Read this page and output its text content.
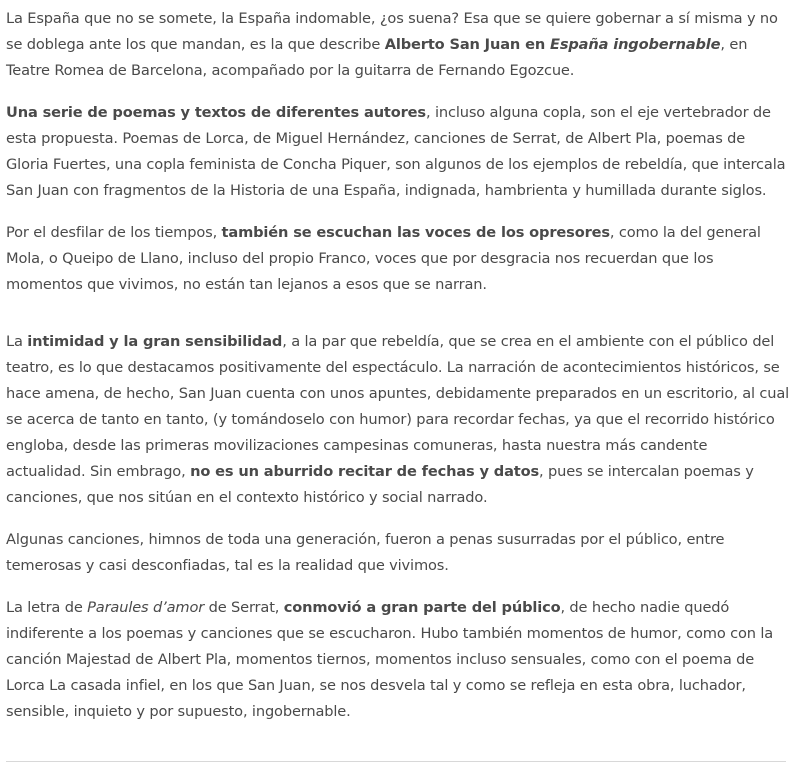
La España que no se somete, la España indomable, ¿os suena? Esa que se quiere gobernar a sí misma y no se doblega ante los que mandan, es la que describe Alberto San Juan en España ingobernable, en Teatre Romea de Barcelona, acompañado por la guitarra de Fernando Egozcue.

Una serie de poemas y textos de diferentes autores, incluso alguna copla, son el eje vertebrador de esta propuesta. Poemas de Lorca, de Miguel Hernández, canciones de Serrat, de Albert Pla, poemas de Gloria Fuertes, una copla feminista de Concha Piquer, son algunos de los ejemplos de rebeldía, que intercala San Juan con fragmentos de la Historia de una España, indignada, hambrienta y humillada durante siglos.

Por el desfilar de los tiempos, también se escuchan las voces de los opresores, como la del general Mola, o Queipo de Llano, incluso del propio Franco, voces que por desgracia nos recuerdan que los momentos que vivimos, no están tan lejanos a esos que se narran.

La intimidad y la gran sensibilidad, a la par que rebeldía, que se crea en el ambiente con el público del teatro, es lo que destacamos positivamente del espectáculo. La narración de acontecimientos históricos, se hace amena, de hecho, San Juan cuenta con unos apuntes, debidamente preparados en un escritorio, al cual se acerca de tanto en tanto, (y tomándoselo con humor) para recordar fechas, ya que el recorrido histórico engloba, desde las primeras movilizaciones campesinas comuneras, hasta nuestra más candente actualidad. Sin embrago, no es un aburrido recitar de fechas y datos, pues se intercalan poemas y canciones, que nos sitúan en el contexto histórico y social narrado.

Algunas canciones, himnos de toda una generación, fueron a penas susurradas por el público, entre temerosas y casi desconfiadas, tal es la realidad que vivimos.

La letra de Paraules d’amor de Serrat, conmovió a gran parte del público, de hecho nadie quedó indiferente a los poemas y canciones que se escucharon. Hubo también momentos de humor, como con la canción Majestad de Albert Pla, momentos tiernos, momentos incluso sensuales, como con el poema de Lorca La casada infiel, en los que San Juan, se nos desvela tal y como se refleja en esta obra, luchador, sensible, inquieto y por supuesto, ingobernable.
